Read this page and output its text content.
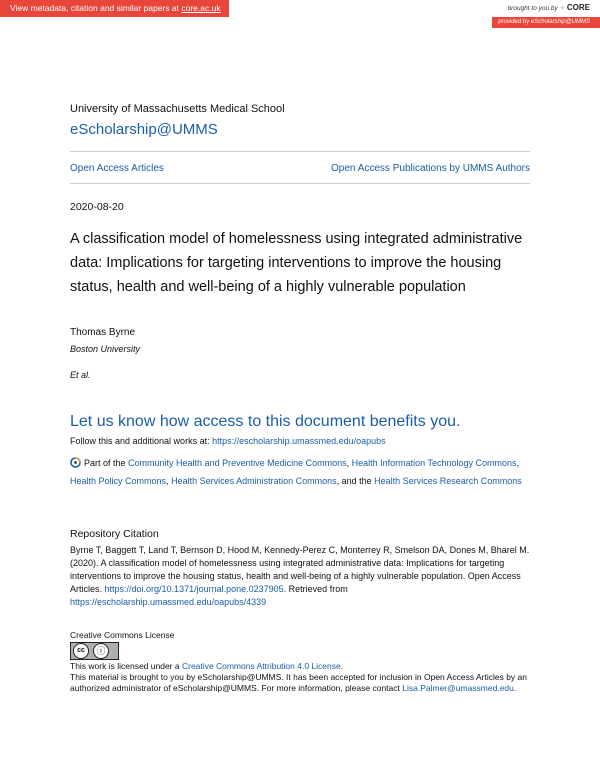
View metadata, citation and similar papers at core.ac.uk	brought to you by ⁘ CORE
provided by eScholarship@UMMS
University of Massachusetts Medical School
eScholarship@UMMS
Open Access Articles	Open Access Publications by UMMS Authors
2020-08-20
A classification model of homelessness using integrated administrative data: Implications for targeting interventions to improve the housing status, health and well-being of a highly vulnerable population
Thomas Byrne
Boston University
Et al.
Let us know how access to this document benefits you.
Follow this and additional works at: https://escholarship.umassmed.edu/oapubs
Part of the Community Health and Preventive Medicine Commons, Health Information Technology Commons, Health Policy Commons, Health Services Administration Commons, and the Health Services Research Commons
Repository Citation
Byrne T, Baggett T, Land T, Bernson D, Hood M, Kennedy-Perez C, Monterrey R, Smelson DA, Dones M, Bharel M. (2020). A classification model of homelessness using integrated administrative data: Implications for targeting interventions to improve the housing status, health and well-being of a highly vulnerable population. Open Access Articles. https://doi.org/10.1371/journal.pone.0237905. Retrieved from https://escholarship.umassmed.edu/oapubs/4339
Creative Commons License
cc	ⓘ
This work is licensed under a Creative Commons Attribution 4.0 License.
This material is brought to you by eScholarship@UMMS. It has been accepted for inclusion in Open Access Articles by an authorized administrator of eScholarship@UMMS. For more information, please contact Lisa.Palmer@umassmed.edu.
